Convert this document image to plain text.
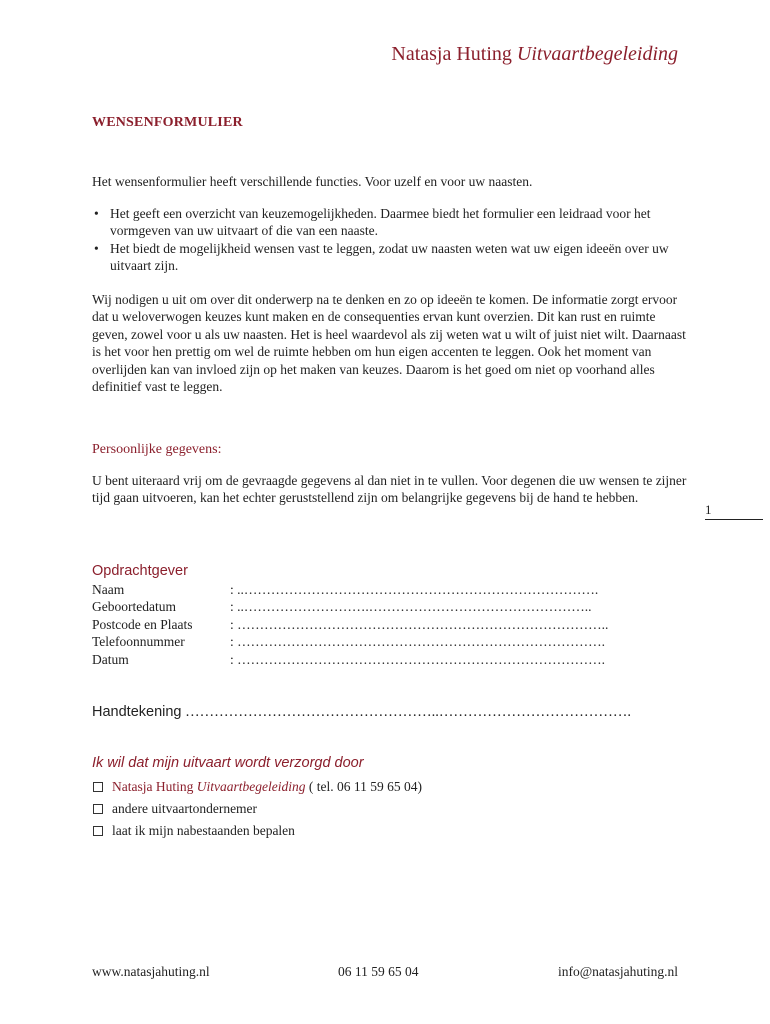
Natasja Huting Uitvaartbegeleiding
WENSENFORMULIER

Het wensenformulier heeft verschillende functies. Voor uzelf en voor uw naasten.

• Het geeft een overzicht van keuzemogelijkheden. Daarmee biedt het formulier een leidraad voor het vormgeven van uw uitvaart of die van een naaste.
• Het biedt de mogelijkheid wensen vast te leggen, zodat uw naasten weten wat uw eigen ideeën over uw uitvaart zijn.

Wij nodigen u uit om over dit onderwerp na te denken en zo op ideeën te komen. De informatie zorgt ervoor dat u weloverwogen keuzes kunt maken en de consequenties ervan kunt overzien. Dit kan rust en ruimte geven, zowel voor u als uw naasten. Het is heel waardevol als zij weten wat u wilt of juist niet wilt. Daarnaast is het voor hen prettig om wel de ruimte hebben om hun eigen accenten te leggen. Ook het moment van overlijden kan van invloed zijn op het maken van keuzes. Daarom is het goed om niet op voorhand alles definitief vast te leggen.

Persoonlijke gegevens:

U bent uiteraard vrij om de gevraagde gegevens al dan niet in te vullen. Voor degenen die uw wensen te zijner tijd gaan uitvoeren, kan het echter geruststellend zijn om belangrijke gegevens bij de hand te hebben.

1
Opdrachtgever
Naam	: ..…………………………………………………………………….
Geboortedatum	: ..……………………….…………………………………………..
Postcode en Plaats	: ………………………………………………………………………..
Telefoonnummer	: ……………………………………………………………………….
Datum	: ……………………………………………………………………….
Handtekening ……………………………………………..………………………………….
Ik wil dat mijn uitvaart wordt verzorgd door
Natasja Huting
Uitvaartbegeleiding
( tel. 06 11 59 65 04)
andere uitvaartondernemer
laat ik mijn nabestaanden bepalen
www.natasjahuting.nl	06 11 59 65 04	info@natasjahuting.nl
